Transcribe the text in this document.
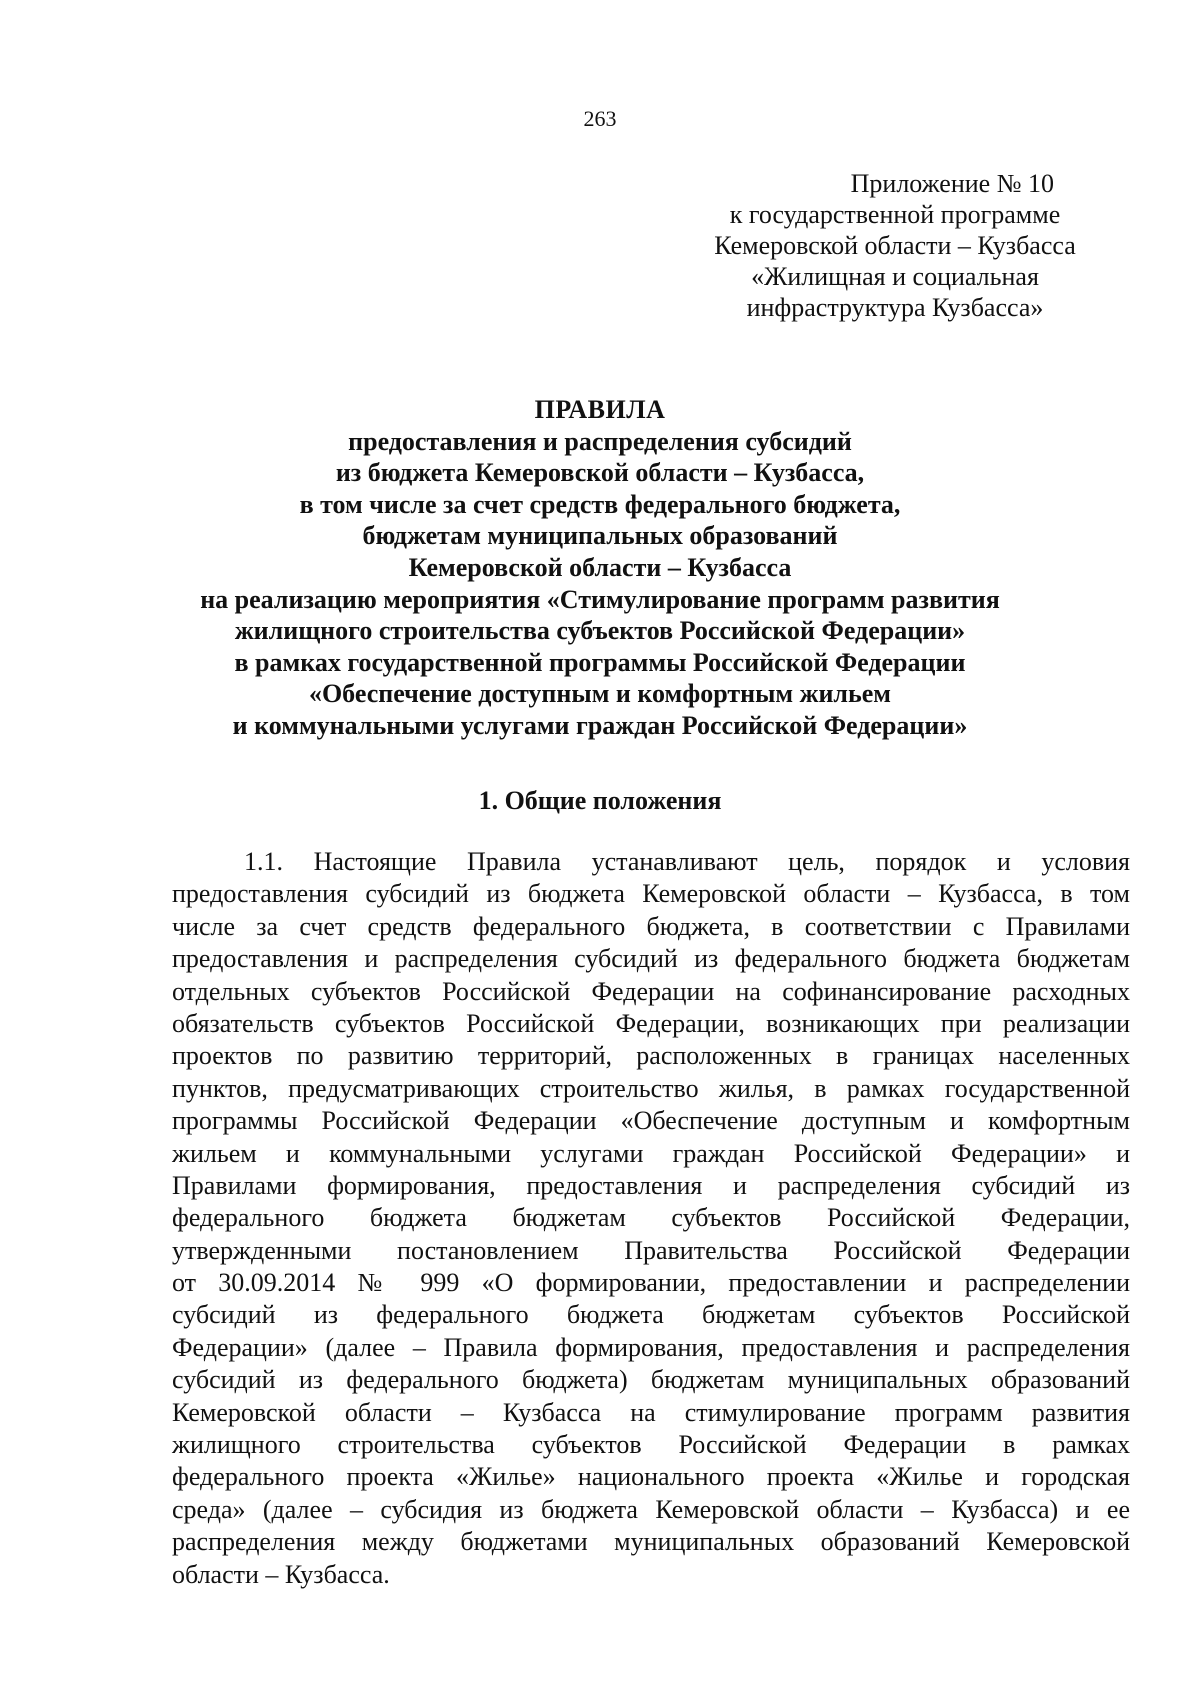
263
Приложение № 10
к государственной программе
Кемеровской области – Кузбасса
«Жилищная и социальная
инфраструктура Кузбасса»
ПРАВИЛА
предоставления и распределения субсидий
из бюджета Кемеровской области – Кузбасса,
в том числе за счет средств федерального бюджета,
бюджетам муниципальных образований
Кемеровской области – Кузбасса
на реализацию мероприятия «Стимулирование программ развития
жилищного строительства субъектов Российской Федерации»
в рамках государственной программы Российской Федерации
«Обеспечение доступным и комфортным жильем
и коммунальными услугами граждан Российской Федерации»
1. Общие положения
1.1. Настоящие Правила устанавливают цель, порядок и условия
предоставления субсидий из бюджета Кемеровской области – Кузбасса, в том
числе за счет средств федерального бюджета, в соответствии с Правилами
предоставления и распределения субсидий из федерального бюджета бюджетам
отдельных субъектов Российской Федерации на софинансирование расходных
обязательств субъектов Российской Федерации, возникающих при реализации
проектов по развитию территорий, расположенных в границах населенных
пунктов, предусматривающих строительство жилья, в рамках государственной
программы Российской Федерации «Обеспечение доступным и комфортным
жильем и коммунальными услугами граждан Российской Федерации» и
Правилами формирования, предоставления и распределения субсидий из
федерального бюджета бюджетам субъектов Российской Федерации,
утвержденными постановлением Правительства Российской Федерации
от 30.09.2014 № 999 «О формировании, предоставлении и распределении
субсидий из федерального бюджета бюджетам субъектов Российской
Федерации» (далее – Правила формирования, предоставления и распределения
субсидий из федерального бюджета) бюджетам муниципальных образований
Кемеровской области – Кузбасса на стимулирование программ развития
жилищного строительства субъектов Российской Федерации в рамках
федерального проекта «Жилье» национального проекта «Жилье и городская
среда» (далее – субсидия из бюджета Кемеровской области – Кузбасса) и ее
распределения между бюджетами муниципальных образований Кемеровской
области – Кузбасса.
